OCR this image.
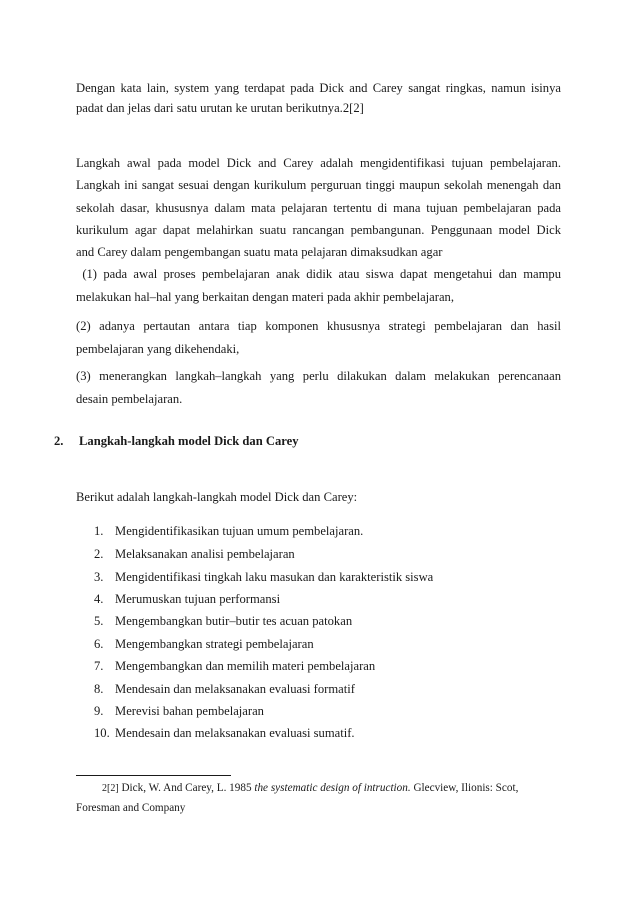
Dengan kata lain, system yang terdapat pada Dick and Carey sangat ringkas, namun isinya
padat dan jelas dari satu urutan ke urutan berikutnya.2[2]
Langkah awal pada model Dick and Carey adalah mengidentifikasi tujuan pembelajaran.
Langkah ini sangat sesuai dengan kurikulum perguruan tinggi maupun sekolah menengah dan
sekolah dasar, khususnya dalam mata pelajaran tertentu di mana tujuan pembelajaran pada
kurikulum agar dapat melahirkan suatu rancangan pembangunan. Penggunaan model Dick
and Carey dalam pengembangan suatu mata pelajaran dimaksudkan agar
(1) pada awal proses pembelajaran anak didik atau siswa dapat mengetahui dan mampu
melakukan hal–hal yang berkaitan dengan materi pada akhir pembelajaran,
(2) adanya pertautan antara tiap komponen khususnya strategi pembelajaran dan hasil
pembelajaran yang dikehendaki,
(3) menerangkan langkah–langkah yang perlu dilakukan dalam melakukan perencanaan
desain pembelajaran.
2. Langkah-langkah model Dick dan Carey
Berikut adalah langkah-langkah model Dick dan Carey:
1. Mengidentifikasikan tujuan umum pembelajaran.
2. Melaksanakan analisi pembelajaran
3. Mengidentifikasi tingkah laku masukan dan karakteristik siswa
4. Merumuskan tujuan performansi
5. Mengembangkan butir–butir tes acuan patokan
6. Mengembangkan strategi pembelajaran
7. Mengembangkan dan memilih materi pembelajaran
8. Mendesain dan melaksanakan evaluasi formatif
9. Merevisi bahan pembelajaran
10. Mendesain dan melaksanakan evaluasi sumatif.
2[2] Dick, W. And Carey, L. 1985 the systematic design of intruction. Glecview, Ilionis: Scot,
Foresman and Company
